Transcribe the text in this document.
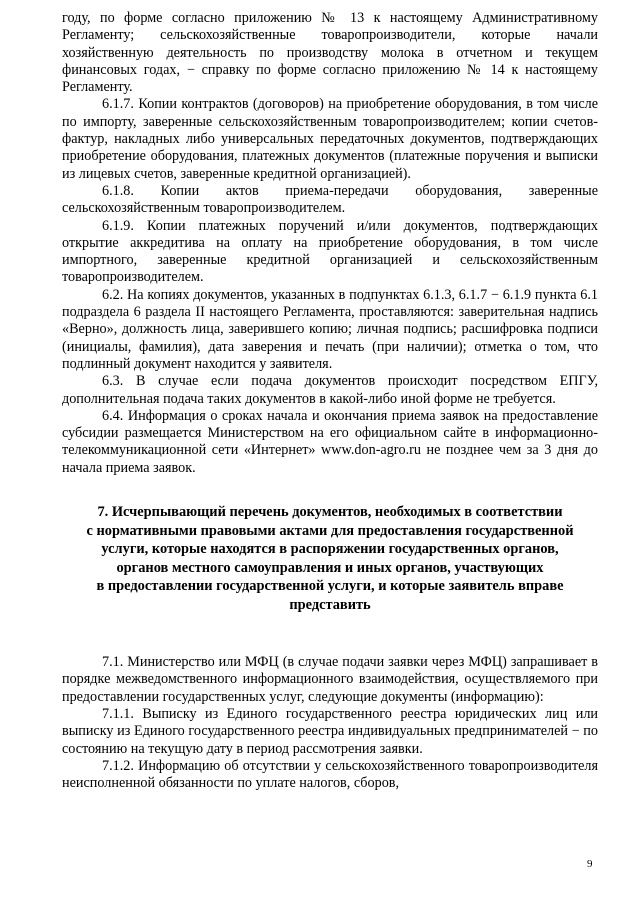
году, по форме согласно приложению № 13 к настоящему Административному Регламенту; сельскохозяйственные товаропроизводители, которые начали хозяйственную деятельность по производству молока в отчетном и текущем финансовых годах, − справку по форме согласно приложению № 14 к настоящему Регламенту.

6.1.7. Копии контрактов (договоров) на приобретение оборудования, в том числе по импорту, заверенные сельскохозяйственным товаропроизводителем; копии счетов-фактур, накладных либо универсальных передаточных документов, подтверждающих приобретение оборудования, платежных документов (платежные поручения и выписки из лицевых счетов, заверенные кредитной организацией).

6.1.8. Копии актов приема-передачи оборудования, заверенные сельскохозяйственным товаропроизводителем.

6.1.9. Копии платежных поручений и/или документов, подтверждающих открытие аккредитива на оплату на приобретение оборудования, в том числе импортного, заверенные кредитной организацией и сельскохозяйственным товаропроизводителем.

6.2. На копиях документов, указанных в подпунктах 6.1.3, 6.1.7 − 6.1.9 пункта 6.1 подраздела 6 раздела II настоящего Регламента, проставляются: заверительная надпись «Верно», должность лица, заверившего копию; личная подпись; расшифровка подписи (инициалы, фамилия), дата заверения и печать (при наличии); отметка о том, что подлинный документ находится у заявителя.

6.3. В случае если подача документов происходит посредством ЕПГУ, дополнительная подача таких документов в какой-либо иной форме не требуется.

6.4. Информация о сроках начала и окончания приема заявок на предоставление субсидии размещается Министерством на его официальном сайте в информационно-телекоммуникационной сети «Интернет» www.don-agro.ru не позднее чем за 3 дня до начала приема заявок.

7. Исчерпывающий перечень документов, необходимых в соответствии
с нормативными правовыми актами для предоставления государственной
услуги, которые находятся в распоряжении государственных органов,
органов местного самоуправления и иных органов, участвующих
в предоставлении государственной услуги, и которые заявитель вправе
представить

7.1. Министерство или МФЦ (в случае подачи заявки через МФЦ) запрашивает в порядке межведомственного информационного взаимодействия, осуществляемого при предоставлении государственных услуг, следующие документы (информацию):

7.1.1. Выписку из Единого государственного реестра юридических лиц или выписку из Единого государственного реестра индивидуальных предпринимателей − по состоянию на текущую дату в период рассмотрения заявки.

7.1.2. Информацию об отсутствии у сельскохозяйственного товаропроизводителя неисполненной обязанности по уплате налогов, сборов,

9
